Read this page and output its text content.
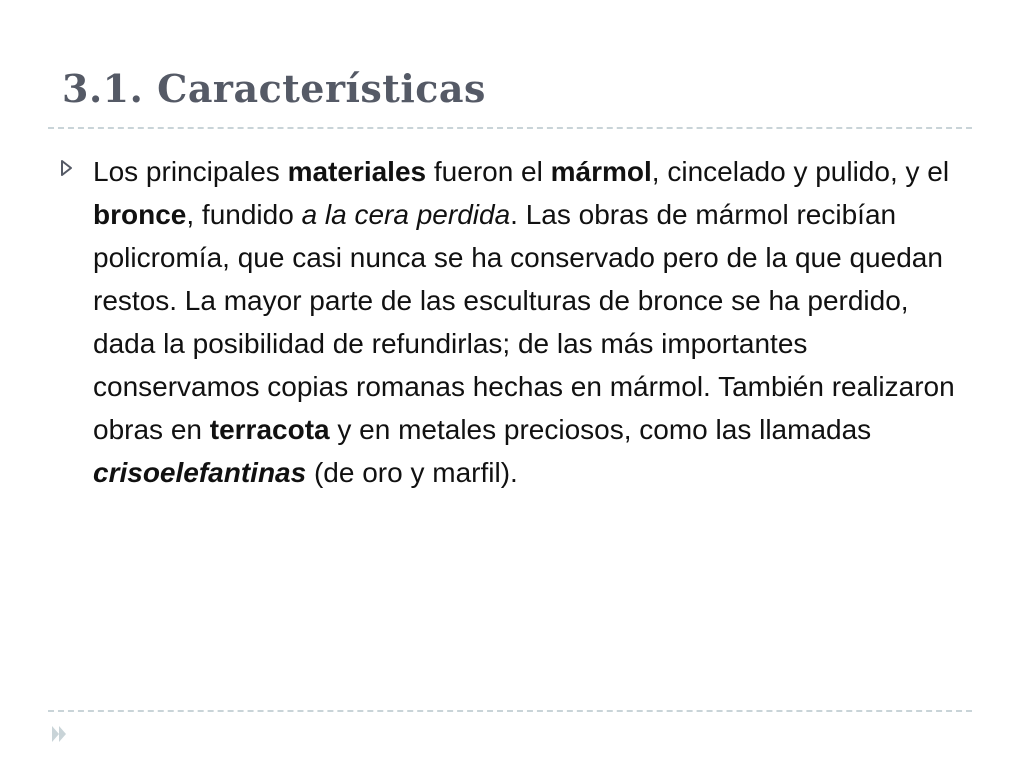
3.1. Características

Los principales materiales fueron el mármol, cincelado y pulido, y el bronce, fundido a la cera perdida. Las obras de mármol recibían policromía, que casi nunca se ha conservado pero de la que quedan restos. La mayor parte de las esculturas de bronce se ha perdido, dada la posibilidad de refundirlas; de las más importantes conservamos copias romanas hechas en mármol. También realizaron obras en terracota y en metales preciosos, como las llamadas crisoelefantinas (de oro y marfil).
